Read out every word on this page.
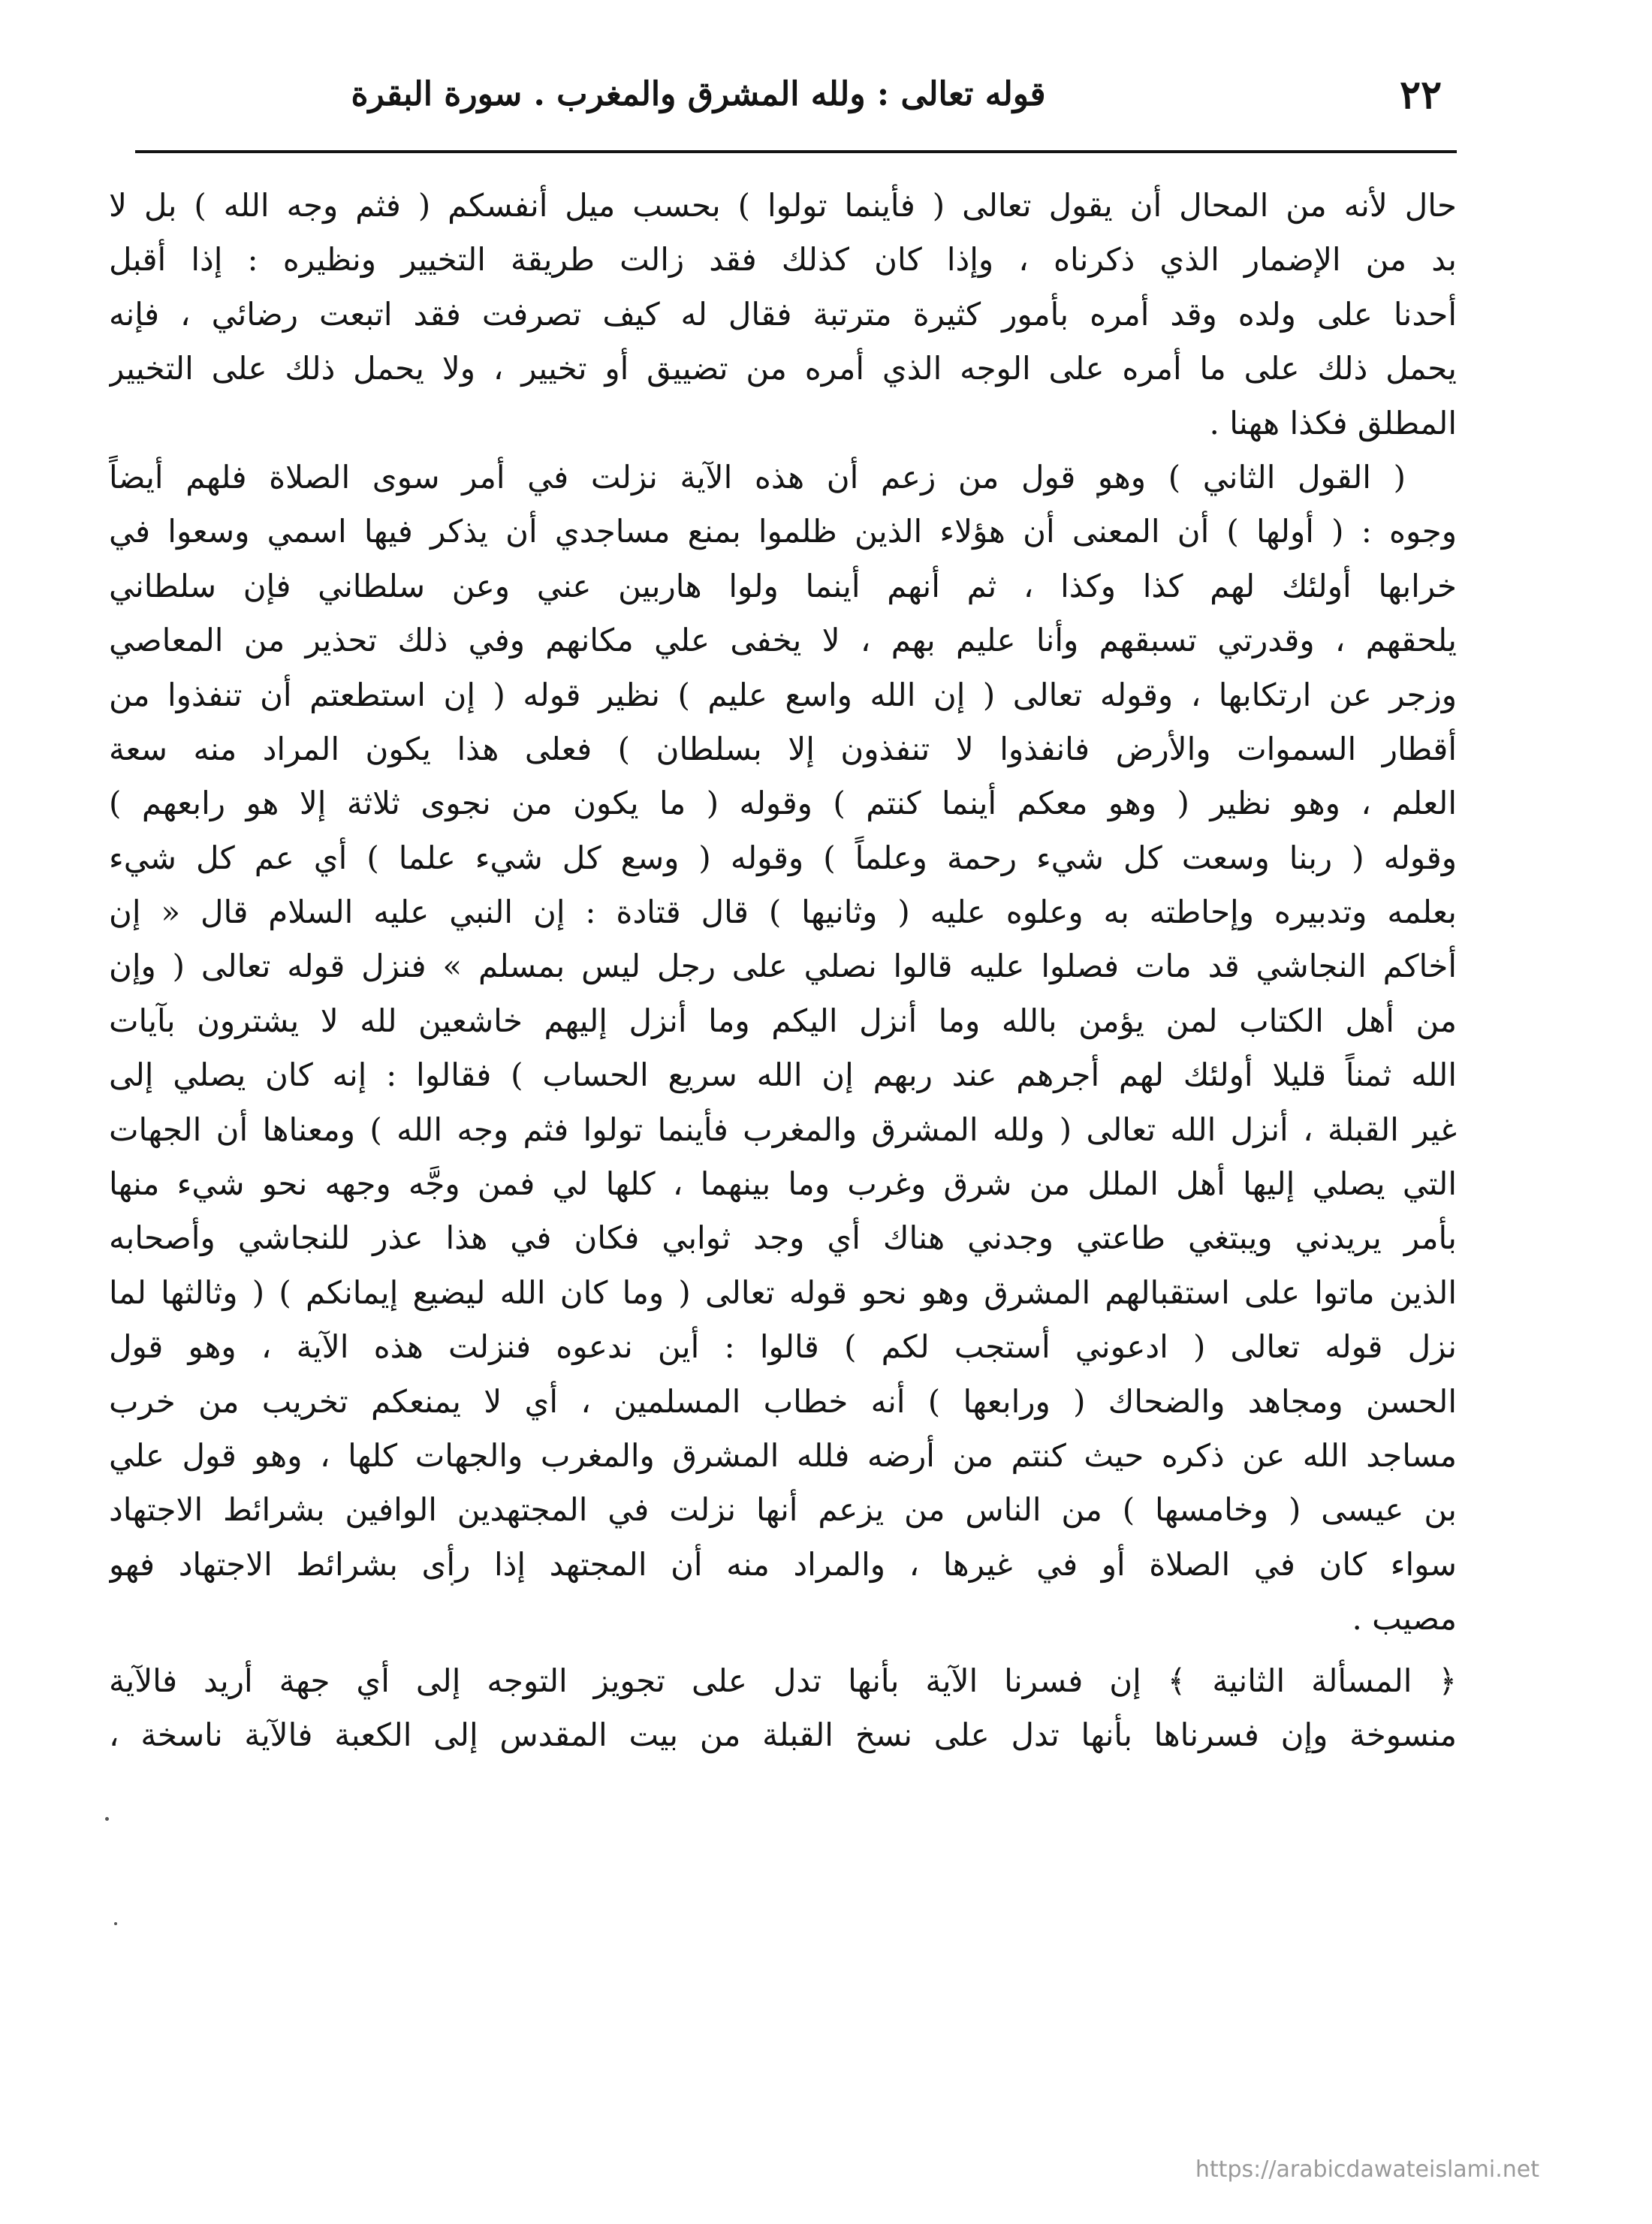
٢٢
قوله تعالى : ولله المشرق والمغرب . سورة البقرة
حال لأنه من المحال أن يقول تعالى ( فأينما تولوا ) بحسب ميل أنفسكم ( فثم وجه الله ) بل لا
بد من الإضمار الذي ذكرناه ، وإذا كان كذلك فقد زالت طريقة التخيير ونظيره : إذا أقبل
أحدنا على ولده وقد أمره بأمور كثيرة مترتبة فقال له كيف تصرفت فقد اتبعت رضائي ، فإنه
يحمل ذلك على ما أمره على الوجه الذي أمره من تضييق أو تخيير ، ولا يحمل ذلك على التخيير
المطلق فكذا ههنا .
( القول الثاني ) وهو قول من زعم أن هذه الآية نزلت في أمر سوى الصلاة فلهم أيضاً
وجوه : ( أولها ) أن المعنى أن هؤلاء الذين ظلموا بمنع مساجدي أن يذكر فيها اسمي وسعوا في
خرابها أولئك لهم كذا وكذا ، ثم أنهم أينما ولوا هاربين عني وعن سلطاني فإن سلطاني
يلحقهم ، وقدرتي تسبقهم وأنا عليم بهم ، لا يخفى علي مكانهم وفي ذلك تحذير من المعاصي
وزجر عن ارتكابها ، وقوله تعالى ( إن الله واسع عليم ) نظير قوله ( إن استطعتم أن تنفذوا من
أقطار السموات والأرض فانفذوا لا تنفذون إلا بسلطان ) فعلى هذا يكون المراد منه سعة
العلم ، وهو نظير ( وهو معكم أينما كنتم ) وقوله ( ما يكون من نجوى ثلاثة إلا هو رابعهم )
وقوله ( ربنا وسعت كل شيء رحمة وعلماً ) وقوله ( وسع كل شيء علما ) أي عم كل شيء
بعلمه وتدبيره وإحاطته به وعلوه عليه ( وثانيها ) قال قتادة : إن النبي عليه السلام قال « إن
أخاكم النجاشي قد مات فصلوا عليه قالوا نصلي على رجل ليس بمسلم » فنزل قوله تعالى ( وإن
من أهل الكتاب لمن يؤمن بالله وما أنزل اليكم وما أنزل إليهم خاشعين لله لا يشترون بآيات
الله ثمناً قليلا أولئك لهم أجرهم عند ربهم إن الله سريع الحساب ) فقالوا : إنه كان يصلي إلى
غير القبلة ، أنزل الله تعالى ( ولله المشرق والمغرب فأينما تولوا فثم وجه الله ) ومعناها أن الجهات
التي يصلي إليها أهل الملل من شرق وغرب وما بينهما ، كلها لي فمن وجَّه وجهه نحو شيء منها
بأمر يريدني ويبتغي طاعتي وجدني هناك أي وجد ثوابي فكان في هذا عذر للنجاشي وأصحابه
الذين ماتوا على استقبالهم المشرق وهو نحو قوله تعالى ( وما كان الله ليضيع إيمانكم ) ( وثالثها لما
نزل قوله تعالى ( ادعوني أستجب لكم ) قالوا : أين ندعوه فنزلت هذه الآية ، وهو قول
الحسن ومجاهد والضحاك ( ورابعها ) أنه خطاب المسلمين ، أي لا يمنعكم تخريب من خرب
مساجد الله عن ذكره حيث كنتم من أرضه فلله المشرق والمغرب والجهات كلها ، وهو قول علي
بن عيسى ( وخامسها ) من الناس من يزعم أنها نزلت في المجتهدين الوافين بشرائط الاجتهاد
سواء كان في الصلاة أو في غيرها ، والمراد منه أن المجتهد إذا رأى بشرائط الاجتهاد فهو
مصيب .
﴿ المسألة الثانية ﴾ إن فسرنا الآية بأنها تدل على تجويز التوجه إلى أي جهة أريد فالآية
منسوخة وإن فسرناها بأنها تدل على نسخ القبلة من بيت المقدس إلى الكعبة فالآية ناسخة ،
https://arabicdawateislami.net
